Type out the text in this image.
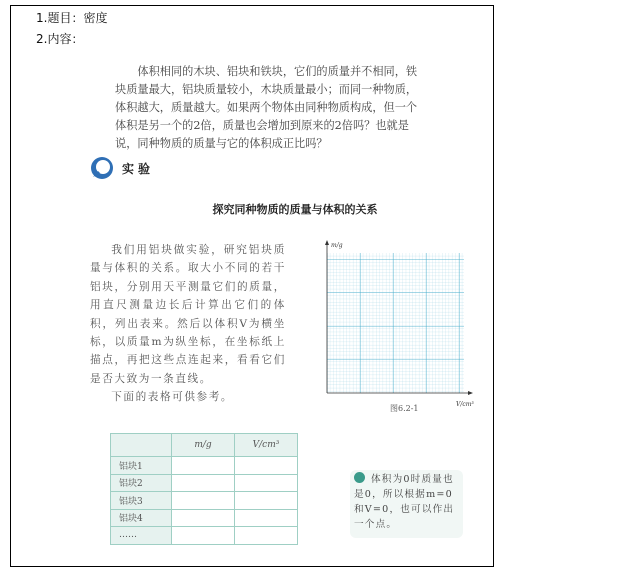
1.题目：密度
2.内容：
体积相同的木块、铝块和铁块，它们的质量并不相同，铁块质量最大，铝块质量较小，木块质量最小；而同一种物质，体积越大，质量越大。如果两个物体由同种物质构成，但一个体积是另一个的2倍，质量也会增加到原来的2倍吗？也就是说，同种物质的质量与它的体积成正比吗？
实验
探究同种物质的质量与体积的关系

我们用铝块做实验，研究铝块质量与体积的关系。取大小不同的若干铝块，分别用天平测量它们的质量，用直尺测量边长后计算出它们的体积，列出表来。然后以体积V为横坐标，以质量m为纵坐标，在坐标纸上描点，再把这些点连起来，看看它们是否大致为一条直线。

下面的表格可供参考。

m/g
V/cm³
图6.2-1
	m/g	V/cm³
铝块1		
铝块2		
铝块3		
铝块4		
……		
体积为0时质量也是0，所以根据m=0和V=0，也可以作出一个点。
